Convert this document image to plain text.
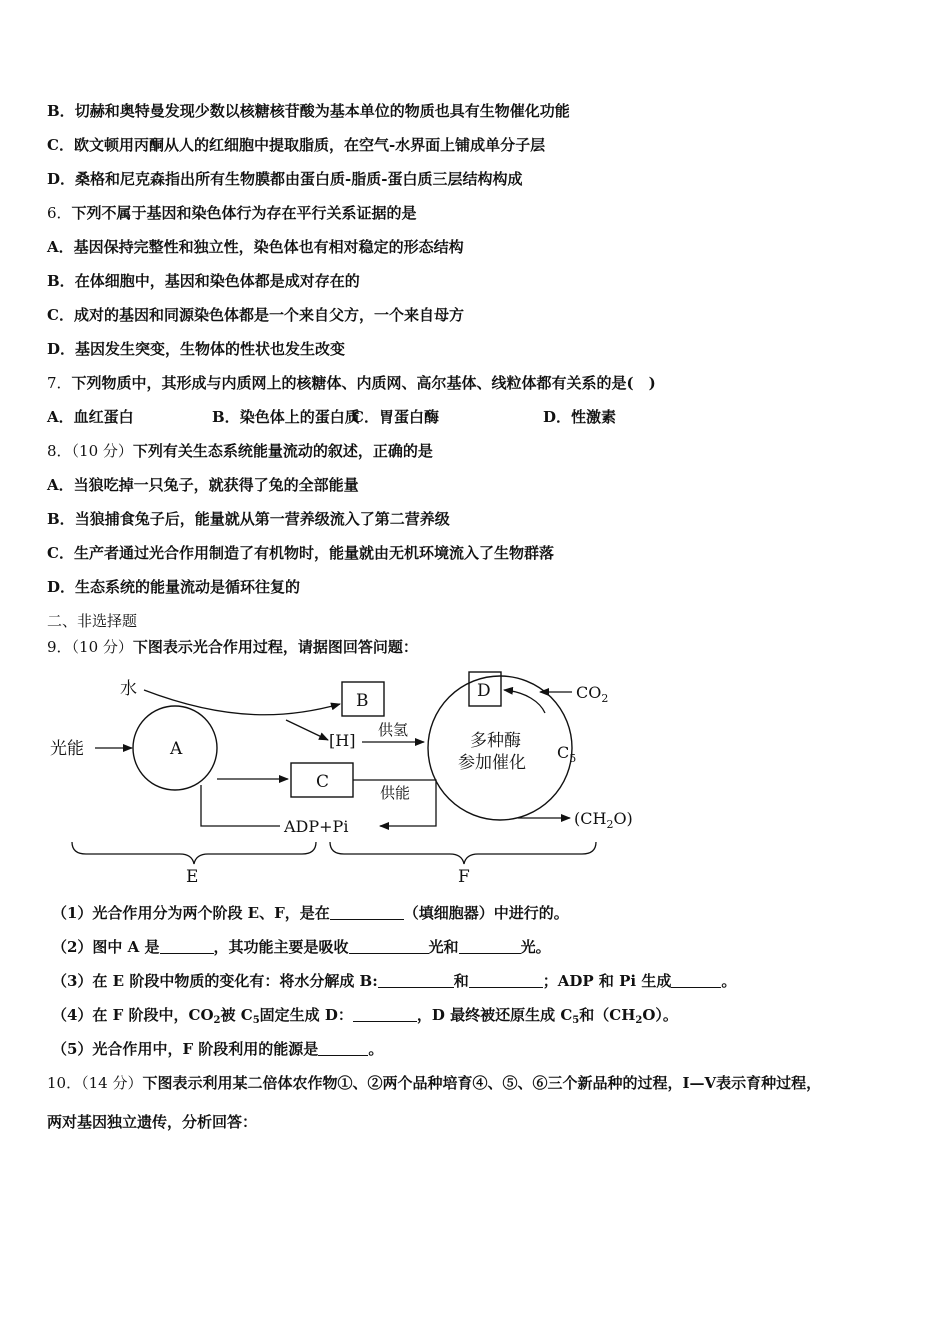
B．切赫和奥特曼发现少数以核糖核苷酸为基本单位的物质也具有生物催化功能
C．欧文顿用丙酮从人的红细胞中提取脂质，在空气-水界面上铺成单分子层
D．桑格和尼克森指出所有生物膜都由蛋白质-脂质-蛋白质三层结构构成
6．下列不属于基因和染色体行为存在平行关系证据的是
A．基因保持完整性和独立性，染色体也有相对稳定的形态结构
B．在体细胞中，基因和染色体都是成对存在的
C．成对的基因和同源染色体都是一个来自父方，一个来自母方
D．基因发生突变，生物体的性状也发生改变
7．下列物质中，其形成与内质网上的核糖体、内质网、高尔基体、线粒体都有关系的是(　)
A．血红蛋白	B．染色体上的蛋白质
C．胃蛋白酶	D．性激素
8．（10 分）下列有关生态系统能量流动的叙述，正确的是
A．当狼吃掉一只兔子，就获得了兔的全部能量
B．当狼捕食兔子后，能量就从第一营养级流入了第二营养级
C．生产者通过光合作用制造了有机物时，能量就由无机环境流入了生物群落
D．生态系统的能量流动是循环往复的
二、非选择题
9．（10 分）下图表示光合作用过程，请据图回答问题：
水
光能	A
B
[H]
供氢
C
供能
ADP+Pi
多种酶
参加催化
D	$CO_2$
$C_5$
$(CH_2O)$
E	F
（1）光合作用分为两个阶段 E、F，是在	（填细胞器）中进行的。
（2）图中 A 是	，其功能主要是吸收	光和	光。
（3）在 E 阶段中物质的变化有：将水分解成 B:	和	；ADP 和 Pi 生成	。
（4）在 F 阶段中，$CO_2$被 $C_5$固定生成 D：	，D 最终被还原生成 $C_5$和$(CH_2O)$。
（5）光合作用中，F 阶段利用的能源是	。
10．（14 分）下图表示利用某二倍体农作物①、②两个品种培育④、⑤、⑥三个新品种的过程，Ⅰ—Ⅴ表示育种过程，
两对基因独立遗传，分析回答：
